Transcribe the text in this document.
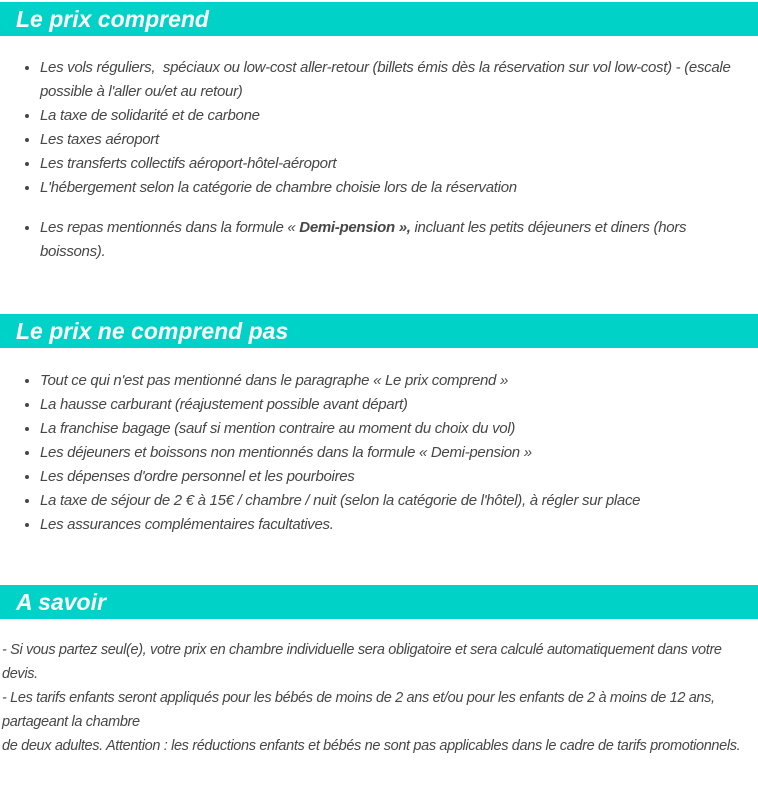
Le prix comprend
• Les vols réguliers,  spéciaux ou low-cost aller-retour (billets émis dès la réservation sur vol low-cost) - (escale possible à l'aller ou/et au retour)
• La taxe de solidarité et de carbone
• Les taxes aéroport
• Les transferts collectifs aéroport-hôtel-aéroport
• L'hébergement selon la catégorie de chambre choisie lors de la réservation
• Les repas mentionnés dans la formule « Demi-pension », incluant les petits déjeuners et diners (hors boissons).
Le prix ne comprend pas
• Tout ce qui n'est pas mentionné dans le paragraphe « Le prix comprend »
• La hausse carburant (réajustement possible avant départ)
• La franchise bagage (sauf si mention contraire au moment du choix du vol)
• Les déjeuners et boissons non mentionnés dans la formule « Demi-pension »
• Les dépenses d'ordre personnel et les pourboires
• La taxe de séjour de 2 € à 15€ / chambre / nuit (selon la catégorie de l'hôtel), à régler sur place
• Les assurances complémentaires facultatives.
A savoir
- Si vous partez seul(e), votre prix en chambre individuelle sera obligatoire et sera calculé automatiquement dans votre
devis.
- Les tarifs enfants seront appliqués pour les bébés de moins de 2 ans et/ou pour les enfants de 2 à moins de 12 ans,
partageant la chambre
de deux adultes. Attention : les réductions enfants et bébés ne sont pas applicables dans le cadre de tarifs promotionnels.
